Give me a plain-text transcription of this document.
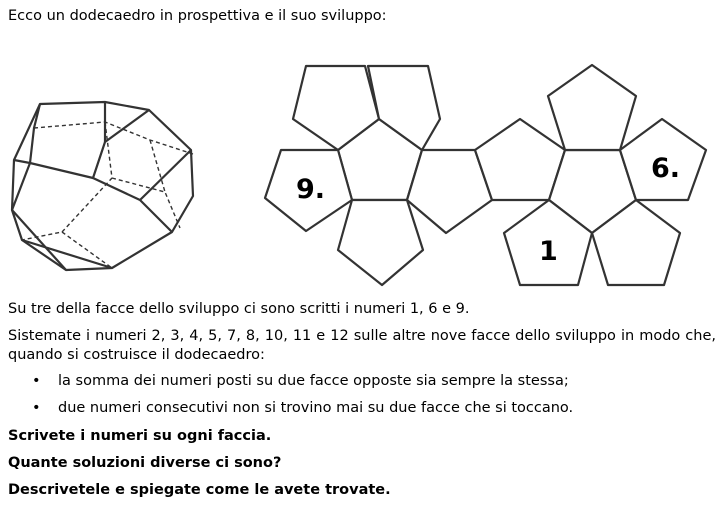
Ecco un dodecaedro in prospettiva e il suo sviluppo:
9.
6.
1
Su tre della facce dello sviluppo ci sono scritti i numeri 1, 6 e 9.
Sistemate i numeri 2, 3, 4, 5, 7, 8, 10, 11 e 12 sulle altre nove facce dello sviluppo in modo che, quando si costruisce il dodecaedro:
• la somma dei numeri posti su due facce opposte sia sempre la stessa;
• due numeri consecutivi non si trovino mai su due facce che si toccano.
Scrivete i numeri su ogni faccia.
Quante soluzioni diverse ci sono?
Descrivetele e spiegate come le avete trovate.
